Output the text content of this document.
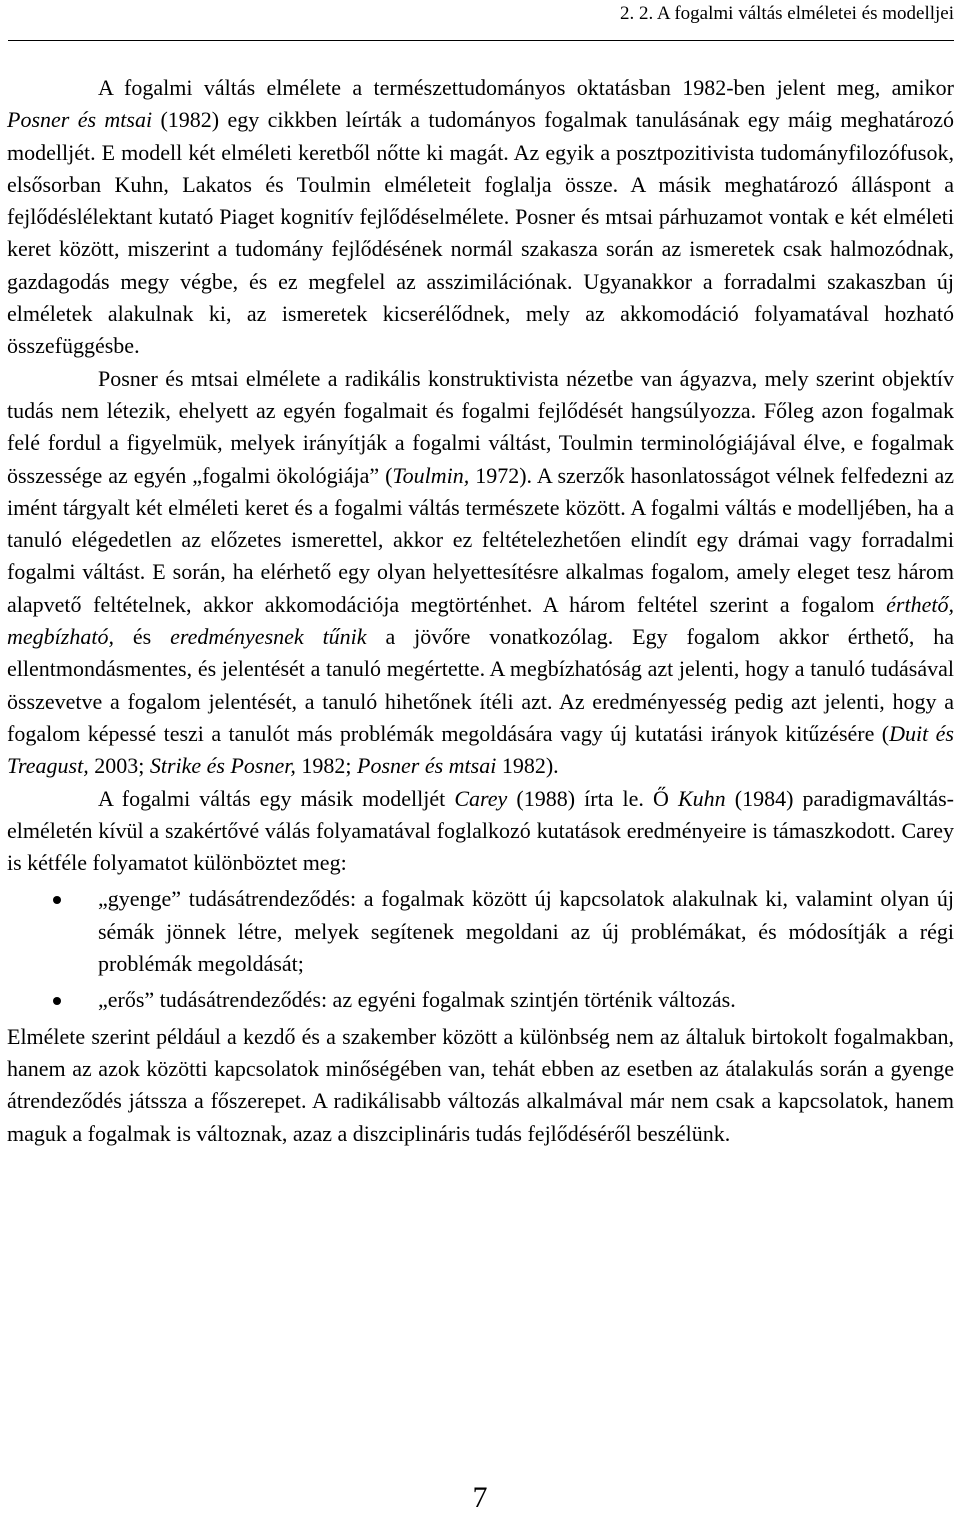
2. 2. A fogalmi váltás elméletei és modelljei

A fogalmi váltás elmélete a természettudományos oktatásban 1982-ben jelent meg, amikor Posner és mtsai (1982) egy cikkben leírták a tudományos fogalmak tanulásának egy máig meghatározó modelljét. E modell két elméleti keretből nőtte ki magát. Az egyik a posztpozitivista tudományfilozófusok, elsősorban Kuhn, Lakatos és Toulmin elméleteit foglalja össze. A másik meghatározó álláspont a fejlődéslélektant kutató Piaget kognitív fejlődéselmélete. Posner és mtsai párhuzamot vontak e két elméleti keret között, miszerint a tudomány fejlődésének normál szakasza során az ismeretek csak halmozódnak, gazdagodás megy végbe, és ez megfelel az asszimilációnak. Ugyanakkor a forradalmi szakaszban új elméletek alakulnak ki, az ismeretek kicserélődnek, mely az akkomodáció folyamatával hozható összefüggésbe.

Posner és mtsai elmélete a radikális konstruktivista nézetbe van ágyazva, mely szerint objektív tudás nem létezik, ehelyett az egyén fogalmait és fogalmi fejlődését hangsúlyozza. Főleg azon fogalmak felé fordul a figyelmük, melyek irányítják a fogalmi váltást, Toulmin terminológiájával élve, e fogalmak összessége az egyén „fogalmi ökológiája” (Toulmin, 1972). A szerzők hasonlatosságot vélnek felfedezni az imént tárgyalt két elméleti keret és a fogalmi váltás természete között. A fogalmi váltás e modelljében, ha a tanuló elégedetlen az előzetes ismerettel, akkor ez feltételezhetően elindít egy drámai vagy forradalmi fogalmi váltást. E során, ha elérhető egy olyan helyettesítésre alkalmas fogalom, amely eleget tesz három alapvető feltételnek, akkor akkomodációja megtörténhet. A három feltétel szerint a fogalom érthető, megbízható, és eredményesnek tűnik a jövőre vonatkozólag. Egy fogalom akkor érthető, ha ellentmondásmentes, és jelentését a tanuló megértette. A megbízhatóság azt jelenti, hogy a tanuló tudásával összevetve a fogalom jelentését, a tanuló hihetőnek ítéli azt. Az eredményesség pedig azt jelenti, hogy a fogalom képessé teszi a tanulót más problémák megoldására vagy új kutatási irányok kitűzésére (Duit és Treagust, 2003; Strike és Posner, 1982; Posner és mtsai 1982).

A fogalmi váltás egy másik modelljét Carey (1988) írta le. Ő Kuhn (1984) paradigmaváltás-elméletén kívül a szakértővé válás folyamatával foglalkozó kutatások eredményeire is támaszkodott. Carey is kétféle folyamatot különböztet meg:

„gyenge” tudásátrendeződés: a fogalmak között új kapcsolatok alakulnak ki, valamint olyan új sémák jönnek létre, melyek segítenek megoldani az új problémákat, és módosítják a régi problémák megoldását;
„erős” tudásátrendeződés: az egyéni fogalmak szintjén történik változás.

Elmélete szerint például a kezdő és a szakember között a különbség nem az általuk birtokolt fogalmakban, hanem az azok közötti kapcsolatok minőségében van, tehát ebben az esetben az átalakulás során a gyenge átrendeződés játssza a főszerepet. A radikálisabb változás alkalmával már nem csak a kapcsolatok, hanem maguk a fogalmak is változnak, azaz a diszciplináris tudás fejlődéséről beszélünk.

7
